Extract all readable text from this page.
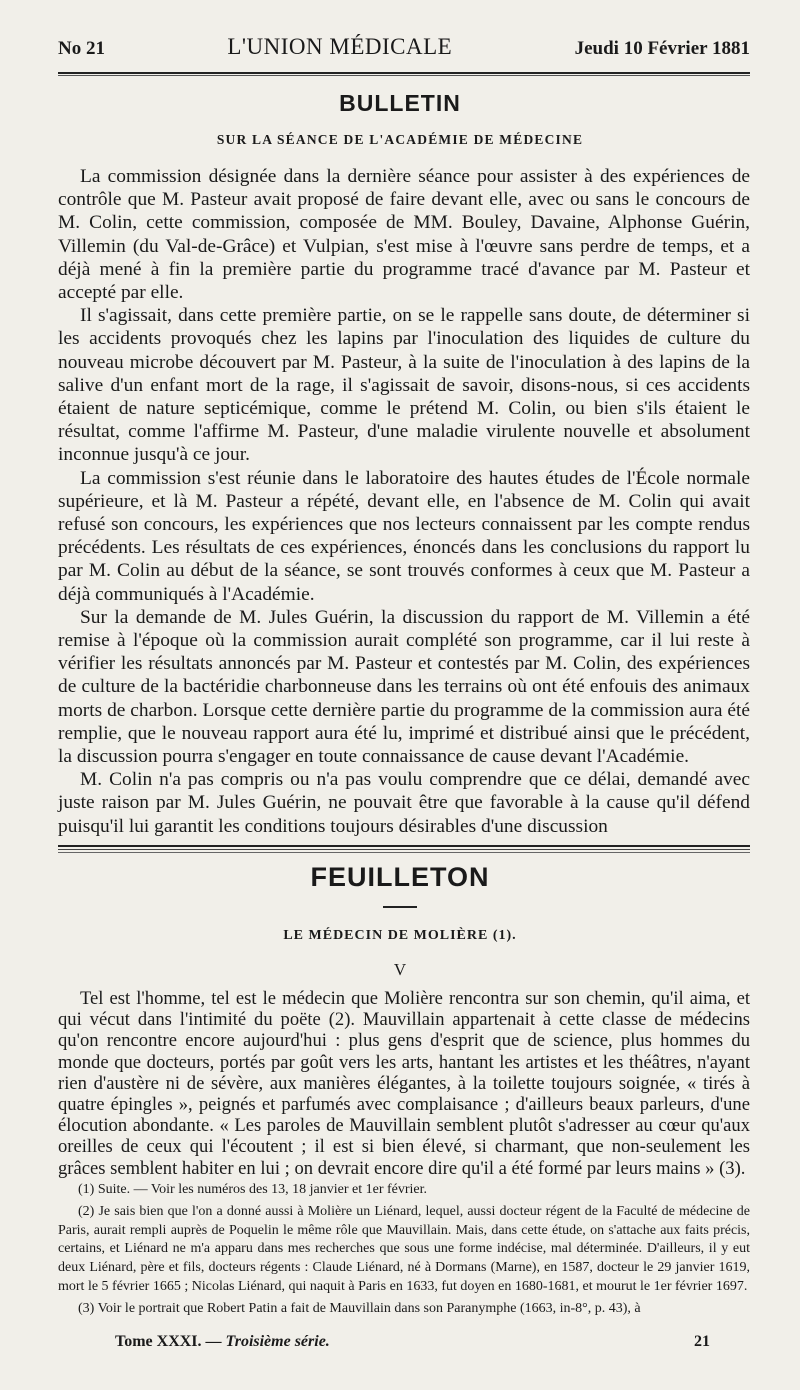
No 21	L'UNION MÉDICALE	Jeudi 10 Février 1881
BULLETIN
SUR LA SÉANCE DE L'ACADÉMIE DE MÉDECINE

La commission désignée dans la dernière séance pour assister à des expériences de contrôle que M. Pasteur avait proposé de faire devant elle, avec ou sans le concours de M. Colin, cette commission, composée de MM. Bouley, Davaine, Alphonse Guérin, Villemin (du Val-de-Grâce) et Vulpian, s'est mise à l'œuvre sans perdre de temps, et a déjà mené à fin la première partie du programme tracé d'avance par M. Pasteur et accepté par elle.

Il s'agissait, dans cette première partie, on se le rappelle sans doute, de déterminer si les accidents provoqués chez les lapins par l'inoculation des liquides de culture du nouveau microbe découvert par M. Pasteur, à la suite de l'inoculation à des lapins de la salive d'un enfant mort de la rage, il s'agissait de savoir, disons-nous, si ces accidents étaient de nature septicémique, comme le prétend M. Colin, ou bien s'ils étaient le résultat, comme l'affirme M. Pasteur, d'une maladie virulente nouvelle et absolument inconnue jusqu'à ce jour.

La commission s'est réunie dans le laboratoire des hautes études de l'École normale supérieure, et là M. Pasteur a répété, devant elle, en l'absence de M. Colin qui avait refusé son concours, les expériences que nos lecteurs connaissent par les compte rendus précédents. Les résultats de ces expériences, énoncés dans les conclusions du rapport lu par M. Colin au début de la séance, se sont trouvés conformes à ceux que M. Pasteur a déjà communiqués à l'Académie.

Sur la demande de M. Jules Guérin, la discussion du rapport de M. Villemin a été remise à l'époque où la commission aurait complété son programme, car il lui reste à vérifier les résultats annoncés par M. Pasteur et contestés par M. Colin, des expériences de culture de la bactéridie charbonneuse dans les terrains où ont été enfouis des animaux morts de charbon. Lorsque cette dernière partie du programme de la commission aura été remplie, que le nouveau rapport aura été lu, imprimé et distribué ainsi que le précédent, la discussion pourra s'engager en toute connaissance de cause devant l'Académie.

M. Colin n'a pas compris ou n'a pas voulu comprendre que ce délai, demandé avec juste raison par M. Jules Guérin, ne pouvait être que favorable à la cause qu'il défend puisqu'il lui garantit les conditions toujours désirables d'une discussion

FEUILLETON
LE MÉDECIN DE MOLIÈRE (1).
V

Tel est l'homme, tel est le médecin que Molière rencontra sur son chemin, qu'il aima, et qui vécut dans l'intimité du poëte (2). Mauvillain appartenait à cette classe de médecins qu'on rencontre encore aujourd'hui : plus gens d'esprit que de science, plus hommes du monde que docteurs, portés par goût vers les arts, hantant les artistes et les théâtres, n'ayant rien d'austère ni de sévère, aux manières élégantes, à la toilette toujours soignée, « tirés à quatre épingles », peignés et parfumés avec complaisance ; d'ailleurs beaux parleurs, d'une élocution abondante. « Les paroles de Mauvillain semblent plutôt s'adresser au cœur qu'aux oreilles de ceux qui l'écoutent ; il est si bien élevé, si charmant, que non-seulement les grâces semblent habiter en lui ; on devrait encore dire qu'il a été formé par leurs mains » (3).

(1) Suite. — Voir les numéros des 13, 18 janvier et 1er février.

(2) Je sais bien que l'on a donné aussi à Molière un Liénard, lequel, aussi docteur régent de la Faculté de médecine de Paris, aurait rempli auprès de Poquelin le même rôle que Mauvillain. Mais, dans cette étude, on s'attache aux faits précis, certains, et Liénard ne m'a apparu dans mes recherches que sous une forme indécise, mal déterminée. D'ailleurs, il y eut deux Liénard, père et fils, docteurs régents : Claude Liénard, né à Dormans (Marne), en 1587, docteur le 29 janvier 1619, mort le 5 février 1665 ; Nicolas Liénard, qui naquit à Paris en 1633, fut doyen en 1680-1681, et mourut le 1er février 1697.

(3) Voir le portrait que Robert Patin a fait de Mauvillain dans son Paranymphe (1663, in-8°, p. 43), à

Tome XXXI. — Troisième série.	21
